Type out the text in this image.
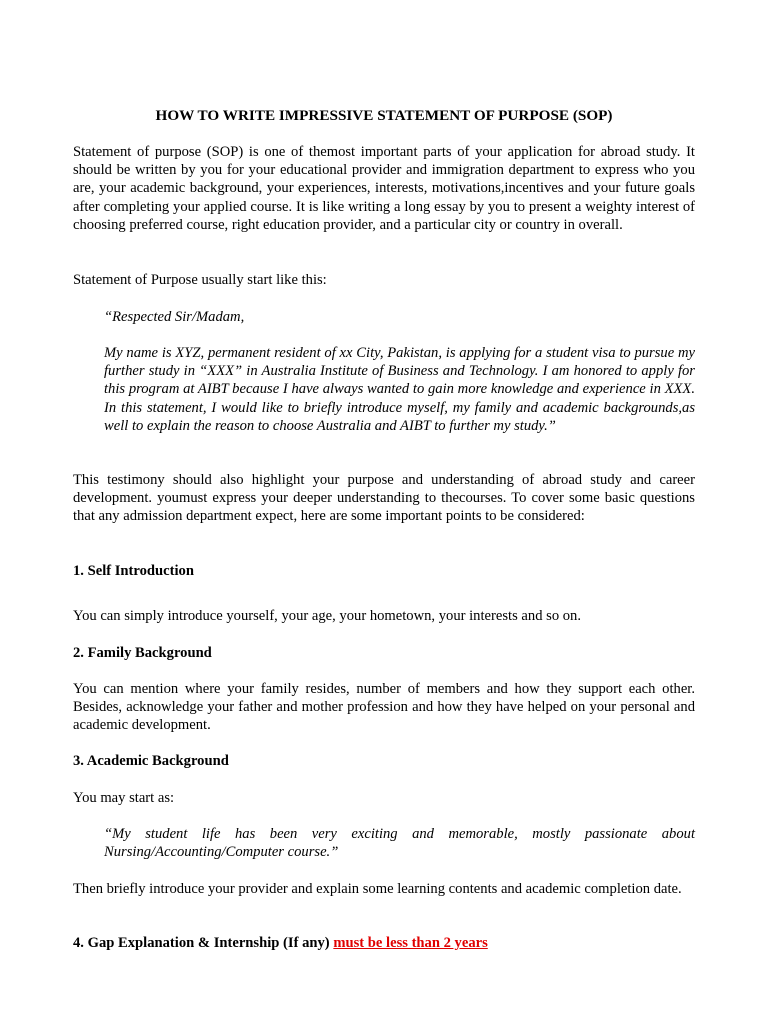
HOW TO WRITE IMPRESSIVE STATEMENT OF PURPOSE (SOP)

Statement of purpose (SOP) is one of themost important parts of your application for abroad study. It should be written by you for your educational provider and immigration department to express who you are, your academic background, your experiences, interests, motivations,incentives and your future goals after completing your applied course. It is like writing a long essay by you to present a weighty interest of choosing preferred course, right education provider, and a particular city or country in overall.

Statement of Purpose usually start like this:

“Respected Sir/Madam,

My name is XYZ, permanent resident of xx City, Pakistan, is applying for a student visa to pursue my further study in “XXX” in Australia Institute of Business and Technology. I am honored to apply for this program at AIBT because I have always wanted to gain more knowledge and experience in XXX. In this statement, I would like to briefly introduce myself, my family and academic backgrounds,as well to explain the reason to choose Australia and AIBT to further my study.”

This testimony should also highlight your purpose and understanding of abroad study and career development. youmust express your deeper understanding to thecourses. To cover some basic questions that any admission department expect, here are some important points to be considered:

1. Self Introduction

You can simply introduce yourself, your age, your hometown, your interests and so on.

2. Family Background

You can mention where your family resides, number of members and how they support each other. Besides, acknowledge your father and mother profession and how they have helped on your personal and academic development.

3. Academic Background

You may start as:

“My student life has been very exciting and memorable, mostly passionate about Nursing/Accounting/Computer course.”

Then briefly introduce your provider and explain some learning contents and academic completion date.

4. Gap Explanation & Internship (If any) must be less than 2 years
